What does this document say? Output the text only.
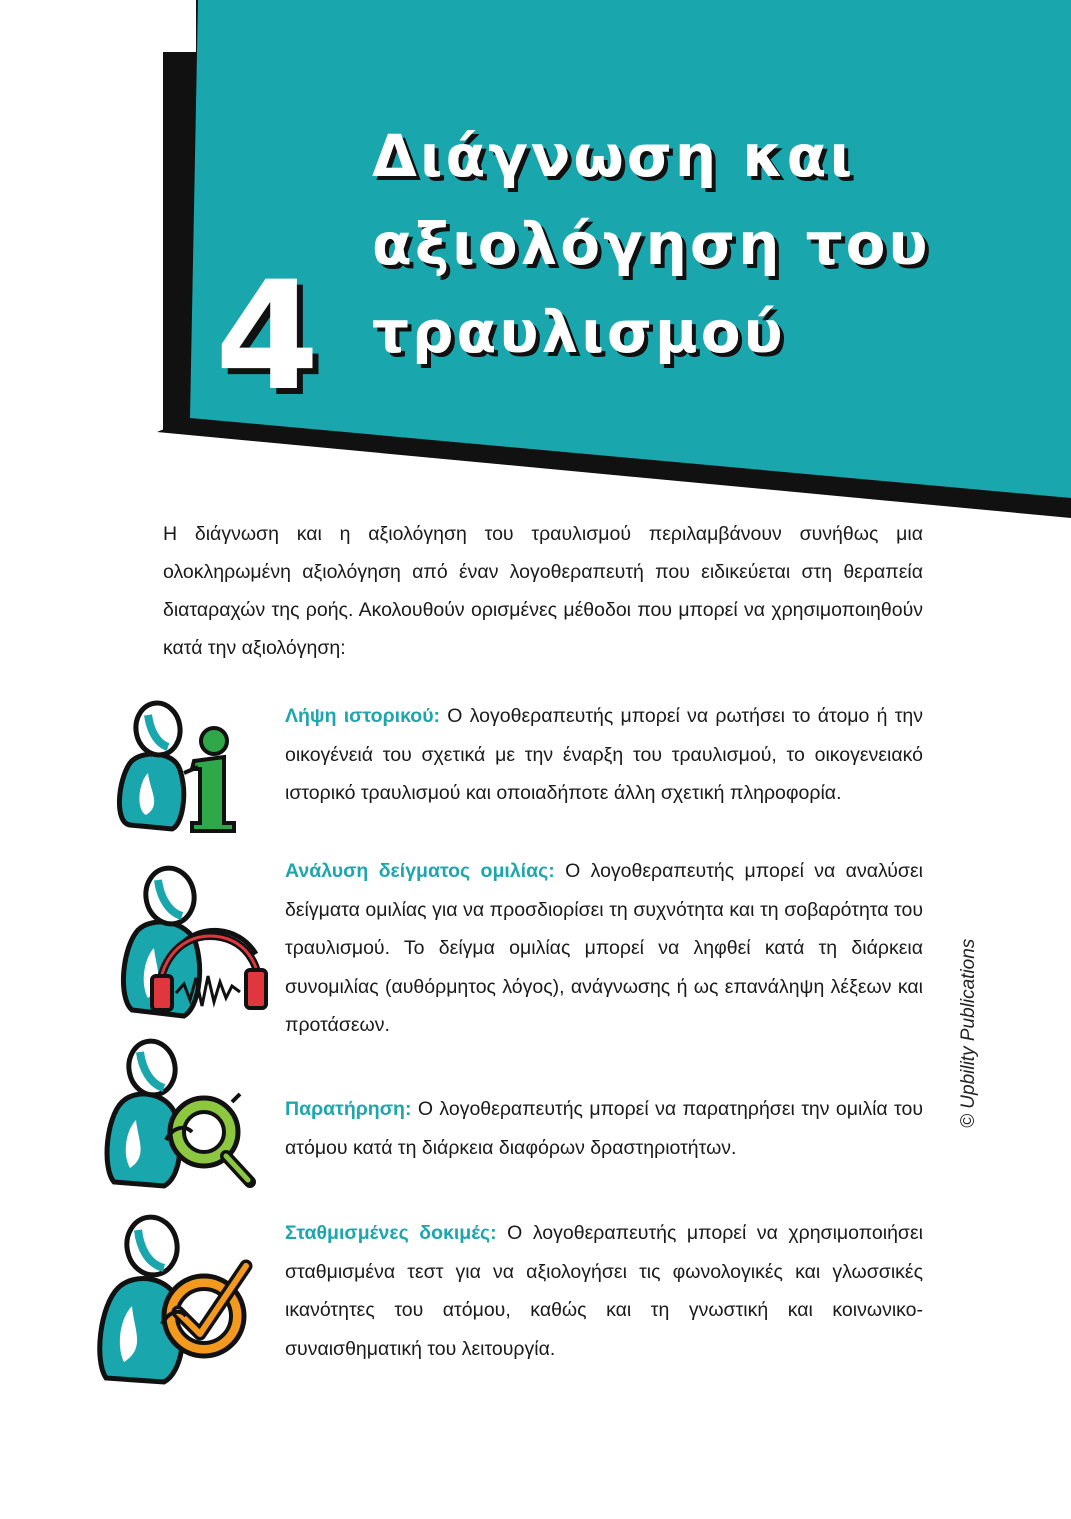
4
Διάγνωση και
αξιολόγηση του
τραυλισμού

Η διάγνωση και η αξιολόγηση του τραυλισμού περιλαμβάνουν συνήθως μια ολοκληρωμένη αξιολόγηση από έναν λογοθεραπευτή που ειδικεύεται στη θεραπεία διαταραχών της ροής. Ακολουθούν ορισμένες μέθοδοι που μπορεί να χρησιμοποιηθούν κατά την αξιολόγηση:

Λήψη ιστορικού: Ο λογοθεραπευτής μπορεί να ρωτήσει το άτομο ή την οικογένειά του σχετικά με την έναρξη του τραυλισμού, το οικογενειακό ιστορικό τραυλισμού και οποιαδήποτε άλλη σχετική πληροφορία.

Ανάλυση δείγματος ομιλίας: Ο λογοθεραπευτής μπορεί να αναλύσει δείγματα ομιλίας για να προσδιορίσει τη συχνότητα και τη σοβαρότητα του τραυλισμού. Το δείγμα ομιλίας μπορεί να ληφθεί κατά τη διάρκεια συνομιλίας (αυθόρμητος λόγος), ανάγνωσης ή ως επανάληψη λέξεων και προτάσεων.

Παρατήρηση: Ο λογοθεραπευτής μπορεί να παρατηρήσει την ομιλία του ατόμου κατά τη διάρκεια διαφόρων δραστηριοτήτων.

Σταθμισμένες δοκιμές: Ο λογοθεραπευτής μπορεί να χρησιμοποιήσει σταθμισμένα τεστ για να αξιολογήσει τις φωνολογικές και γλωσσικές ικανότητες του ατόμου, καθώς και τη γνωστική και κοινωνικο-συναισθηματική του λειτουργία.

© Upbility Publications
